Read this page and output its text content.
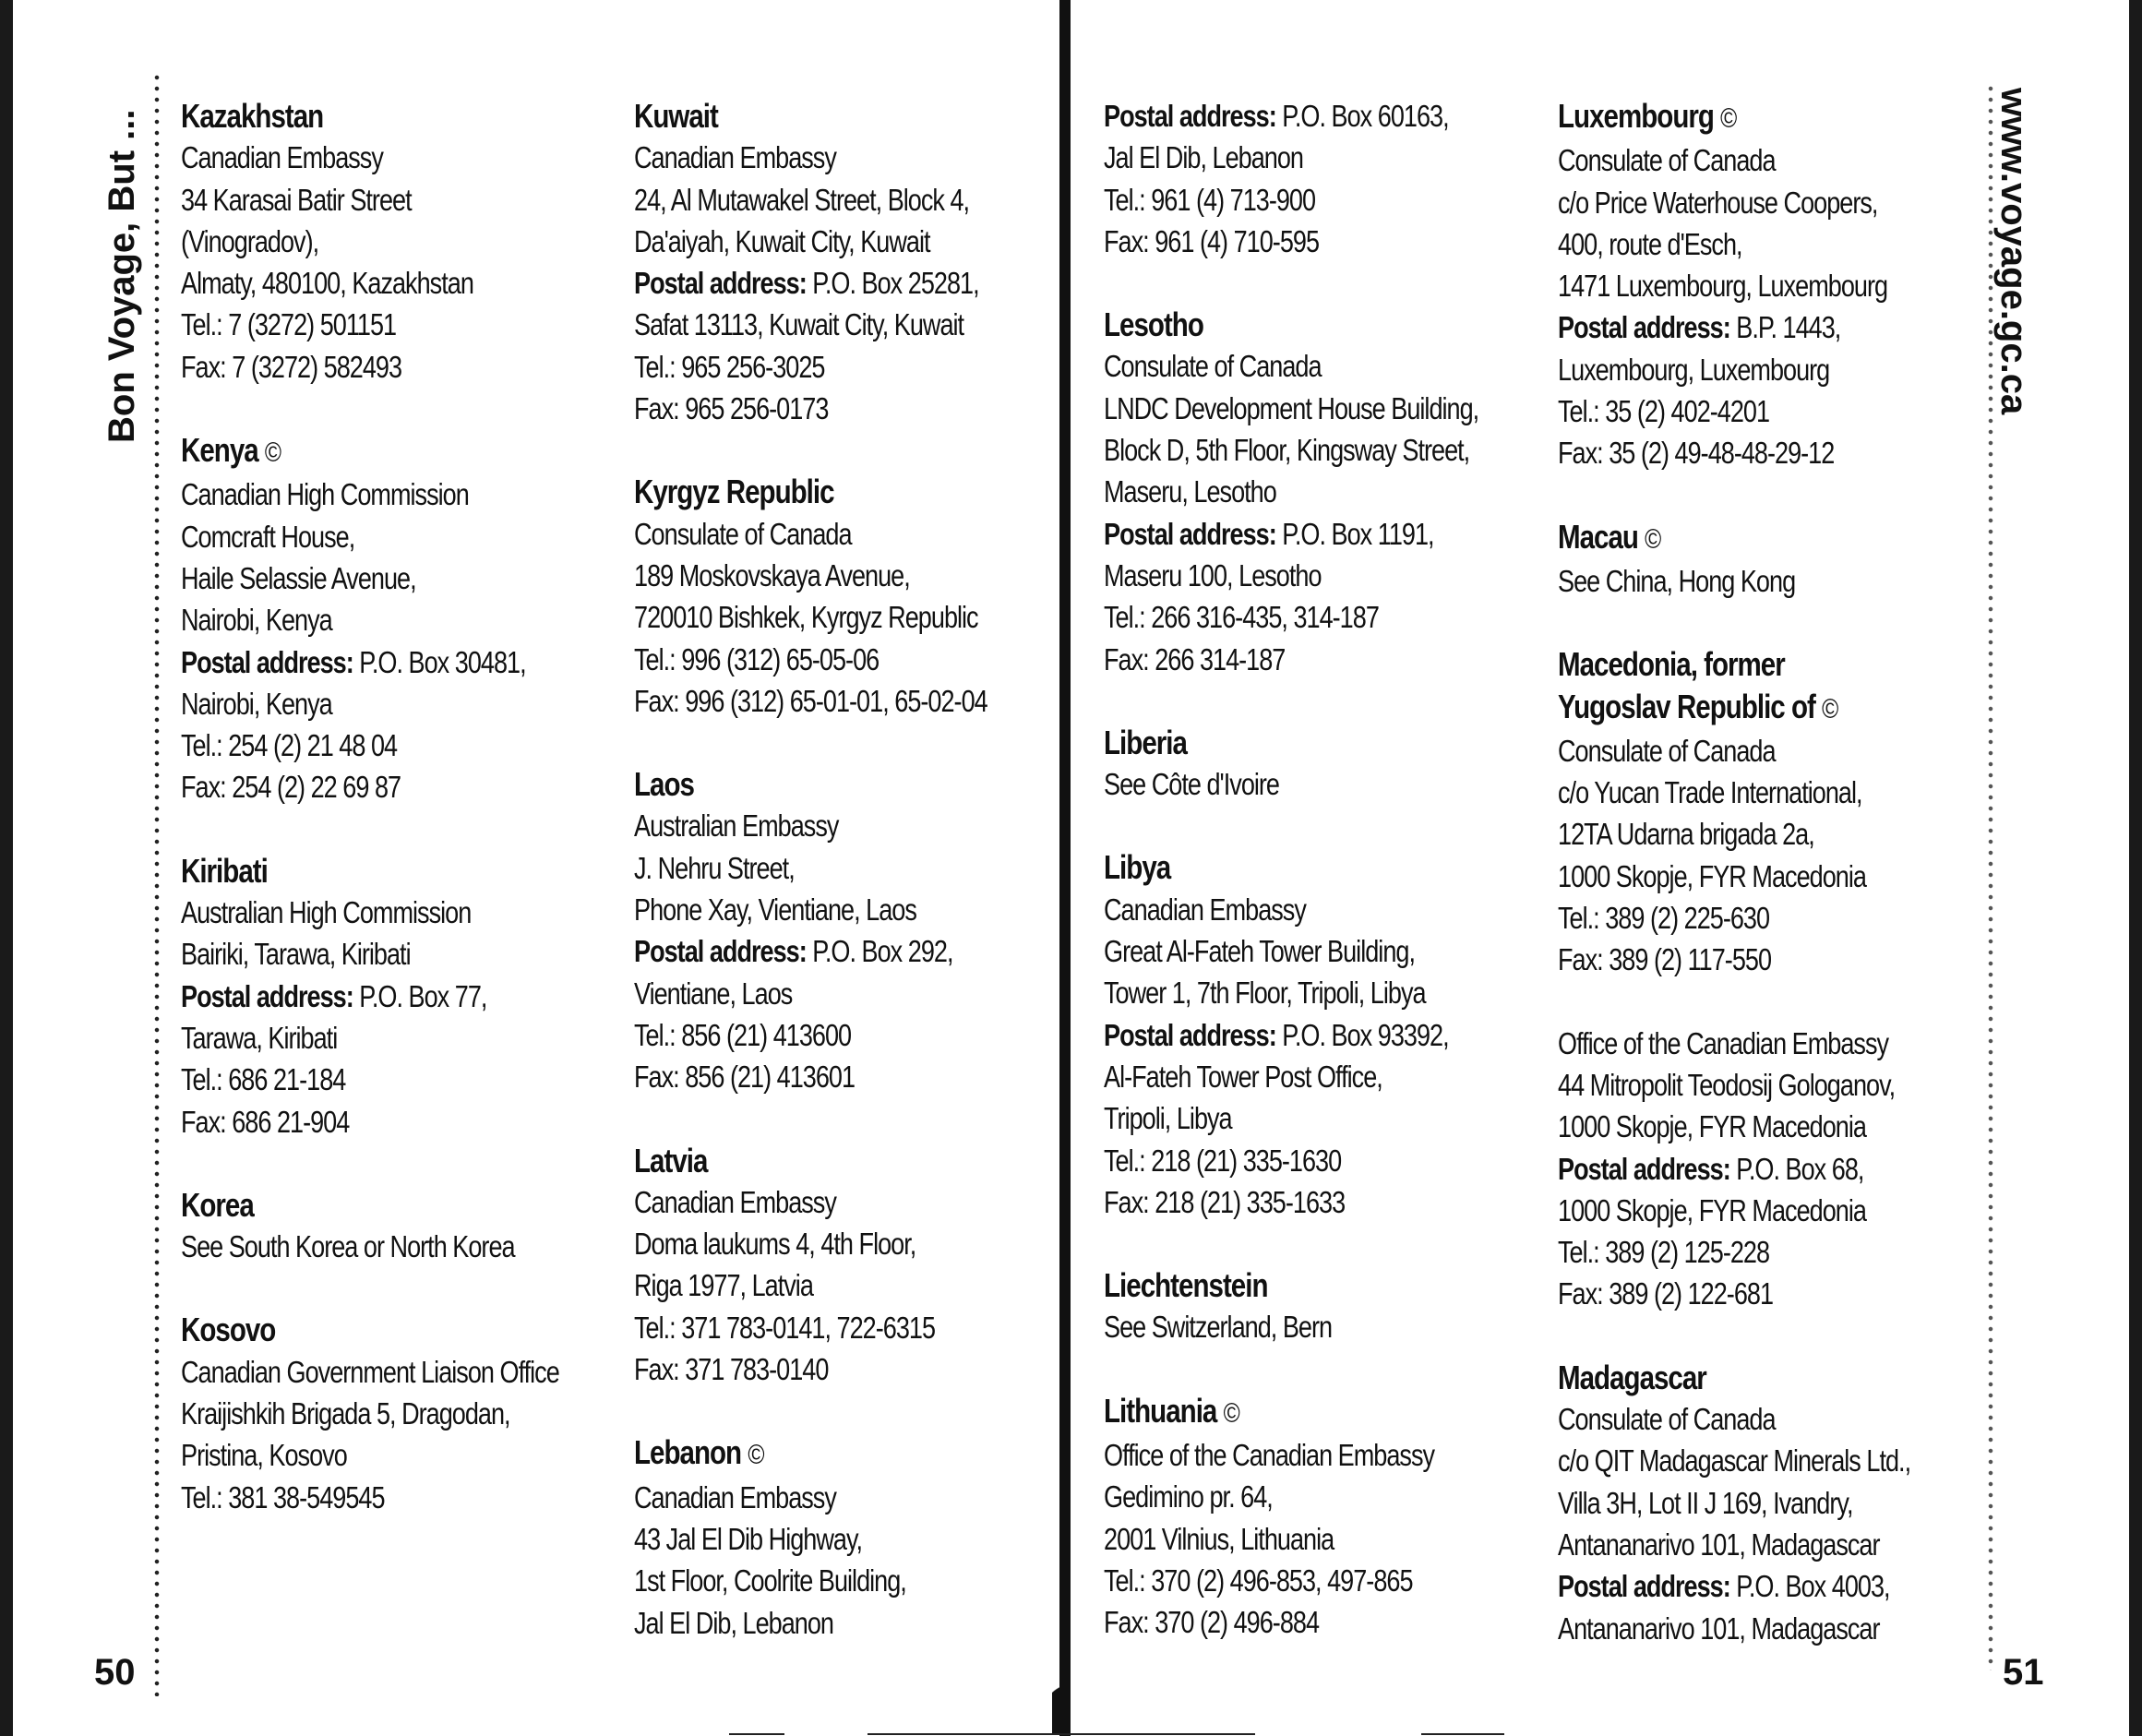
Bon Voyage, But ... Kazakhstan
Canadian Embassy
34 Karasai Batir Street
(Vinogradov),
Almaty, 480100, Kazakhstan
Tel.: 7 (3272) 501151
Fax: 7 (3272) 582493
Kenya ©
Canadian High Commission
Comcraft House,
Haile Selassie Avenue,
Nairobi, Kenya
Postal address: P.O. Box 30481,
Nairobi, Kenya
Tel.: 254 (2) 21 48 04
Fax: 254 (2) 22 69 87
Kiribati
Australian High Commission
Bairiki, Tarawa, Kiribati
Postal address: P.O. Box 77,
Tarawa, Kiribati
Tel.: 686 21-184
Fax: 686 21-904
Korea
See South Korea or North Korea
Kosovo
Canadian Government Liaison Office
Kraijishkih Brigada 5, Dragodan,
Pristina, Kosovo
Tel.: 381 38-549545
Kuwait
Canadian Embassy
24, Al Mutawakel Street, Block 4,
Da'aiyah, Kuwait City, Kuwait
Postal address: P.O. Box 25281,
Safat 13113, Kuwait City, Kuwait
Tel.: 965 256-3025
Fax: 965 256-0173
Kyrgyz Republic
Consulate of Canada
189 Moskovskaya Avenue,
720010 Bishkek, Kyrgyz Republic
Tel.: 996 (312) 65-05-06
Fax: 996 (312) 65-01-01, 65-02-04
Laos
Australian Embassy
J. Nehru Street,
Phone Xay, Vientiane, Laos
Postal address: P.O. Box 292,
Vientiane, Laos
Tel.: 856 (21) 413600
Fax: 856 (21) 413601
Latvia
Canadian Embassy
Doma laukums 4, 4th Floor,
Riga 1977, Latvia
Tel.: 371 783-0141, 722-6315
Fax: 371 783-0140
Lebanon ©
Canadian Embassy
43 Jal El Dib Highway,
1st Floor, Coolrite Building,
Jal El Dib, Lebanon
50
Postal address: P.O. Box 60163,
Jal El Dib, Lebanon
Tel.: 961 (4) 713-900
Fax: 961 (4) 710-595
Lesotho
Consulate of Canada
LNDC Development House Building,
Block D, 5th Floor, Kingsway Street,
Maseru, Lesotho
Postal address: P.O. Box 1191,
Maseru 100, Lesotho
Tel.: 266 316-435, 314-187
Fax: 266 314-187
Liberia
See Côte d'Ivoire
Libya
Canadian Embassy
Great Al-Fateh Tower Building,
Tower 1, 7th Floor, Tripoli, Libya
Postal address: P.O. Box 93392,
Al-Fateh Tower Post Office,
Tripoli, Libya
Tel.: 218 (21) 335-1630
Fax: 218 (21) 335-1633
Liechtenstein
See Switzerland, Bern
Lithuania ©
Office of the Canadian Embassy
Gedimino pr. 64,
2001 Vilnius, Lithuania
Tel.: 370 (2) 496-853, 497-865
Fax: 370 (2) 496-884
Luxembourg ©
Consulate of Canada
c/o Price Waterhouse Coopers,
400, route d'Esch,
1471 Luxembourg, Luxembourg
Postal address: B.P. 1443,
Luxembourg, Luxembourg
Tel.: 35 (2) 402-4201
Fax: 35 (2) 49-48-48-29-12
Macau ©
See China, Hong Kong
Macedonia, former
Yugoslav Republic of ©
Consulate of Canada
c/o Yucan Trade International,
12TA Udarna brigada 2a,
1000 Skopje, FYR Macedonia
Tel.: 389 (2) 225-630
Fax: 389 (2) 117-550
Office of the Canadian Embassy
44 Mitropolit Teodosij Gologanov,
1000 Skopje, FYR Macedonia
Postal address: P.O. Box 68,
1000 Skopje, FYR Macedonia
Tel.: 389 (2) 125-228
Fax: 389 (2) 122-681
Madagascar
Consulate of Canada
c/o QIT Madagascar Minerals Ltd.,
Villa 3H, Lot II J 169, Ivandry,
Antananarivo 101, Madagascar
Postal address: P.O. Box 4003,
Antananarivo 101, Madagascar
www.voyage.gc.ca
51
